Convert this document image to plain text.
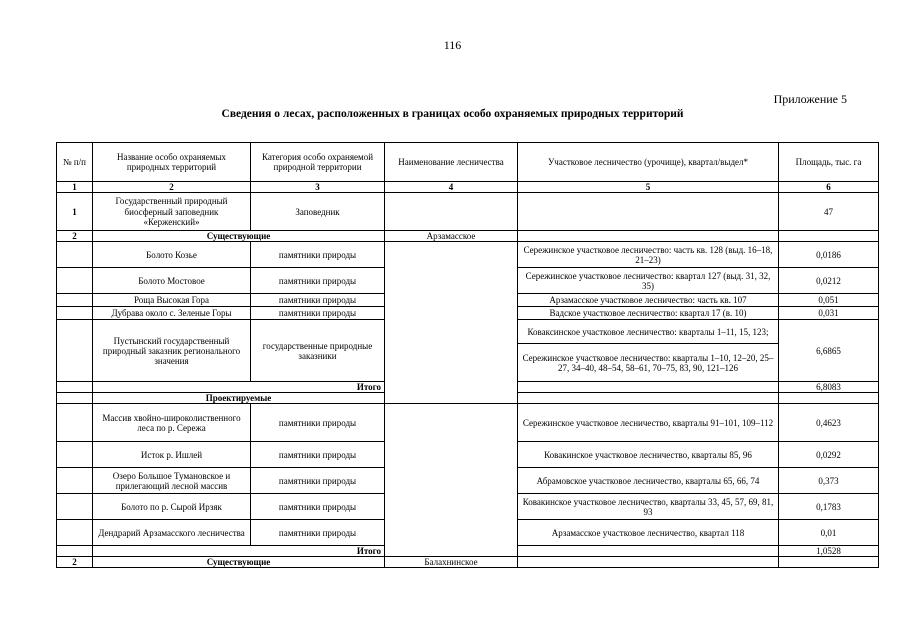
116
Приложение 5
Сведения о лесах, расположенных в границах особо охраняемых природных территорий
№ п/п	Название особо охраняемых природных территорий	Категория особо охраняемой природной территории	Наименование лесничества	Участковое лесничество (урочище), квартал/выдел*	Площадь, тыс. га
1	2	3	4	5	6
1	Государственный природный биосферный заповедник «Керженский»	Заповедник			47
2	Существующие		Арзамасское		
	Болото Козье	памятники природы		Сережинское участковое лесничество: часть кв. 128 (выд. 16–18, 21–23)	0,0186
	Болото Мостовое	памятники природы		Сережинское участковое лесничество: квартал 127 (выд. 31, 32, 35)	0,0212
	Роща Высокая Гора	памятники природы		Арзамасское участковое лесничество: часть кв. 107	0,051
	Дубрава около с. Зеленые Горы	памятники природы		Вадское участковое лесничество: квартал 17 (в. 10)	0,031
	Пустынский государственный природный заказник регионального значения	государственные природные заказники		Коваксинское участковое лесничество: кварталы 1–11, 15, 123;	6,6865
				Сережинское участковое лесничество: кварталы 1–10, 12–20, 25–27, 34–40, 48–54, 58–61, 70–75, 83, 90, 121–126	
	Итого				6,8083
	Проектируемые				
	Массив хвойно-широколиственного леса по р. Сережа	памятники природы		Сережинское участковое лесничество, кварталы 91–101, 109–112	0,4623
	Исток р. Ишлей	памятники природы		Ковакинское участковое лесничество, кварталы 85, 96	0,0292
	Озеро Большое Тумановское и прилегающий лесной массив	памятники природы		Абрамовское участковое лесничество, кварталы 65, 66, 74	0,373
	Болото по р. Сырой Ирзяк	памятники природы		Ковакинское участковое лесничество, кварталы 33, 45, 57, 69, 81, 93	0,1783
	Дендрарий Арзамасского лесничества	памятники природы		Арзамасское участковое лесничество, квартал 118	0,01
	Итого				1,0528
2	Существующие		Балахнинское		
